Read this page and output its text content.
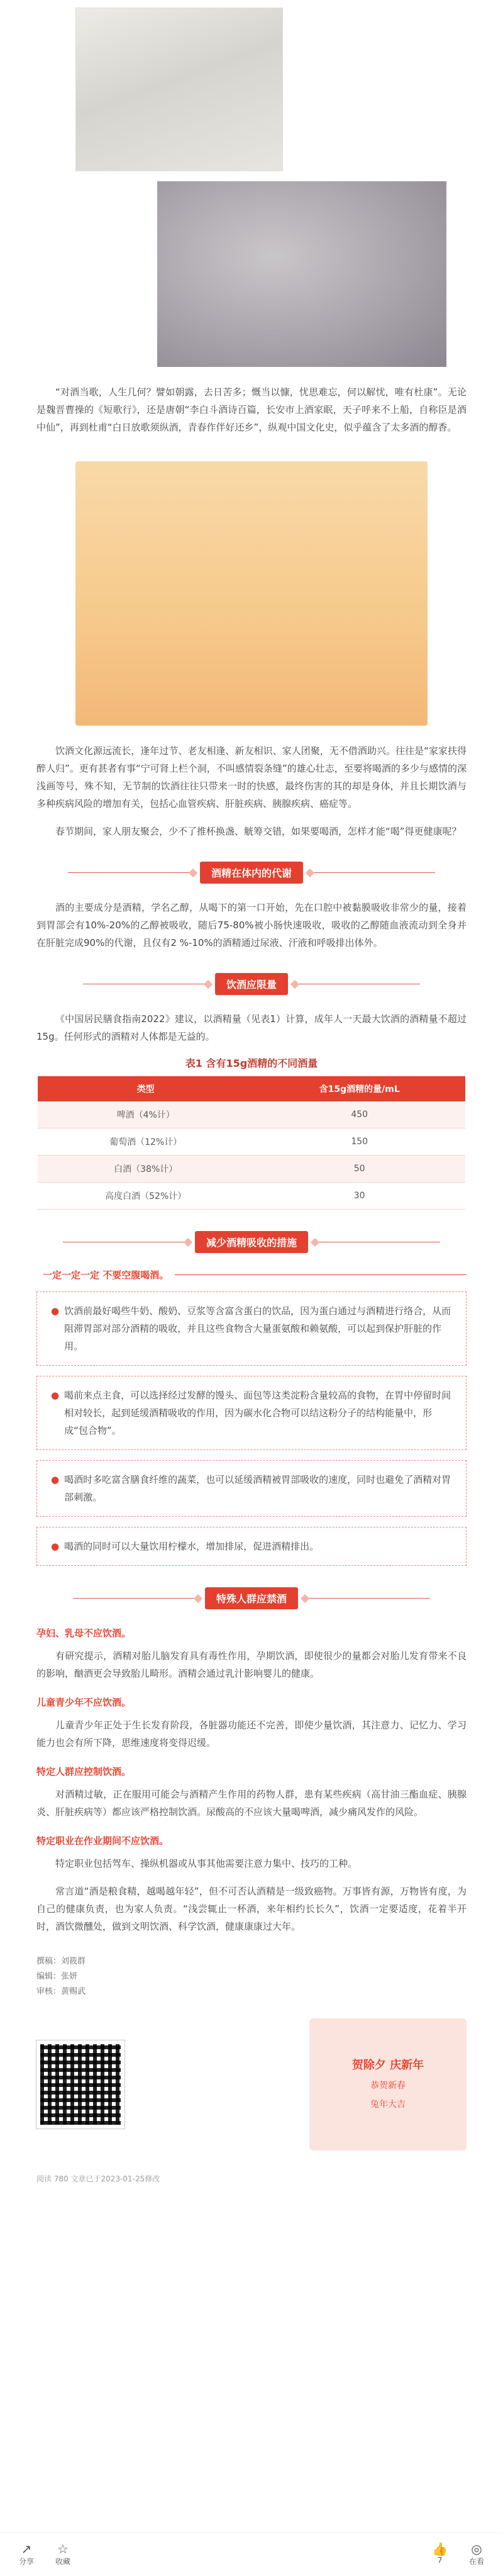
“对酒当歌，人生几何？譬如朝露，去日苦多；慨当以慷，忧思难忘，何以解忧，唯有杜康”。无论是魏晋曹操的《短歌行》，还是唐朝“李白斗酒诗百篇，长安市上酒家眠，天子呼来不上船，自称臣是酒中仙”，再到杜甫“白日放歌须纵酒，青春作伴好还乡”，纵观中国文化史，似乎蕴含了太多酒的醇香。

饮酒文化源远流长，逢年过节、老友相逢、新友相识、家人团聚，无不借酒助兴。往往是“家家扶得醉人归”。更有甚者有事“宁可肾上栏个洞，不叫感情裂条缝”的雄心壮志，至要将喝酒的多少与感情的深浅画等号，殊不知，无节制的饮酒往往只带来一时的快感，最终伤害的其的却是身体，并且长期饮酒与多种疾病风险的增加有关，包括心血管疾病、肝脏疾病、胰腺疾病、癌症等。

春节期间，家人朋友聚会，少不了推杯换盏、觥筹交错，如果要喝酒，怎样才能“喝”得更健康呢？

酒精在体内的代谢

酒的主要成分是酒精，学名乙醇，从喝下的第一口开始，先在口腔中被黏膜吸收非常少的量，接着到胃部会有10%-20%的乙醇被吸收，随后75-80%被小肠快速吸收，吸收的乙醇随血液流动到全身并在肝脏完成90%的代谢，且仅有2 %-10%的酒精通过尿液、汗液和呼吸排出体外。

饮酒应限量

《中国居民膳食指南2022》建议，以酒精量（见表1）计算，成年人一天最大饮酒的酒精量不超过15g。任何形式的酒精对人体都是无益的。

表1 含有15g酒精的不同酒量
类型	含15g酒精的量/mL
啤酒（4%计）	450
葡萄酒（12%计）	150
白酒（38%计）	50
高度白酒（52%计）	30
减少酒精吸收的措施
一定一定一定 不要空腹喝酒。
● 饮酒前最好喝些牛奶、酸奶、豆浆等含富含蛋白的饮品，因为蛋白通过与酒精进行络合，从而阻滞胃部对部分酒精的吸收，并且这些食物含大量蛋氨酸和赖氨酸，可以起到保护肝脏的作用。
● 喝前来点主食，可以选择经过发酵的馒头、面包等这类淀粉含量较高的食物，在胃中停留时间相对较长，起到延缓酒精吸收的作用，因为碳水化合物可以结这粉分子的结构能量中，形成“包合物”。
● 喝酒时多吃富含膳食纤维的蔬菜，也可以延缓酒精被胃部吸收的速度，同时也避免了酒精对胃部刺激。
● 喝酒的同时可以大量饮用柠檬水，增加排尿，促进酒精排出。
特殊人群应禁酒
孕妇、乳母不应饮酒。

有研究提示，酒精对胎儿脑发育具有毒性作用，孕期饮酒，即使很少的量都会对胎儿发育带来不良的影响，酗酒更会导致胎儿畸形。酒精会通过乳汁影响婴儿的健康。

儿童青少年不应饮酒。

儿童青少年正处于生长发育阶段，各脏器功能还不完善，即使少量饮酒，其注意力、记忆力、学习能力也会有所下降，思维速度将变得迟缓。

特定人群应控制饮酒。

对酒精过敏，正在服用可能会与酒精产生作用的药物人群，患有某些疾病（高甘油三酯血症、胰腺炎、肝脏疾病等）都应该严格控制饮酒。尿酸高的不应该大量喝啤酒，减少痛风发作的风险。

特定职业在作业期间不应饮酒。

特定职业包括驾车、操纵机器或从事其他需要注意力集中、技巧的工种。

常言道“酒是粮食精，越喝越年轻”，但不可否认酒精是一级致癌物。万事皆有源，万物皆有度，为自己的健康负责，也为家人负责。“浅尝辄止一杯酒，来年相约长长久”，饮酒一定要适度，花着半开时，酒饮微醺处，做到文明饮酒、科学饮酒，健康康康过大年。

撰稿：刘筱群
编辑：张妍
审核：黄赐武
贺除夕 庆新年
恭贺新春
兔年大吉
阅读 780 文章已于2023-01-25修改
↗
分享
☆
收藏
👍
7
◎
在看
